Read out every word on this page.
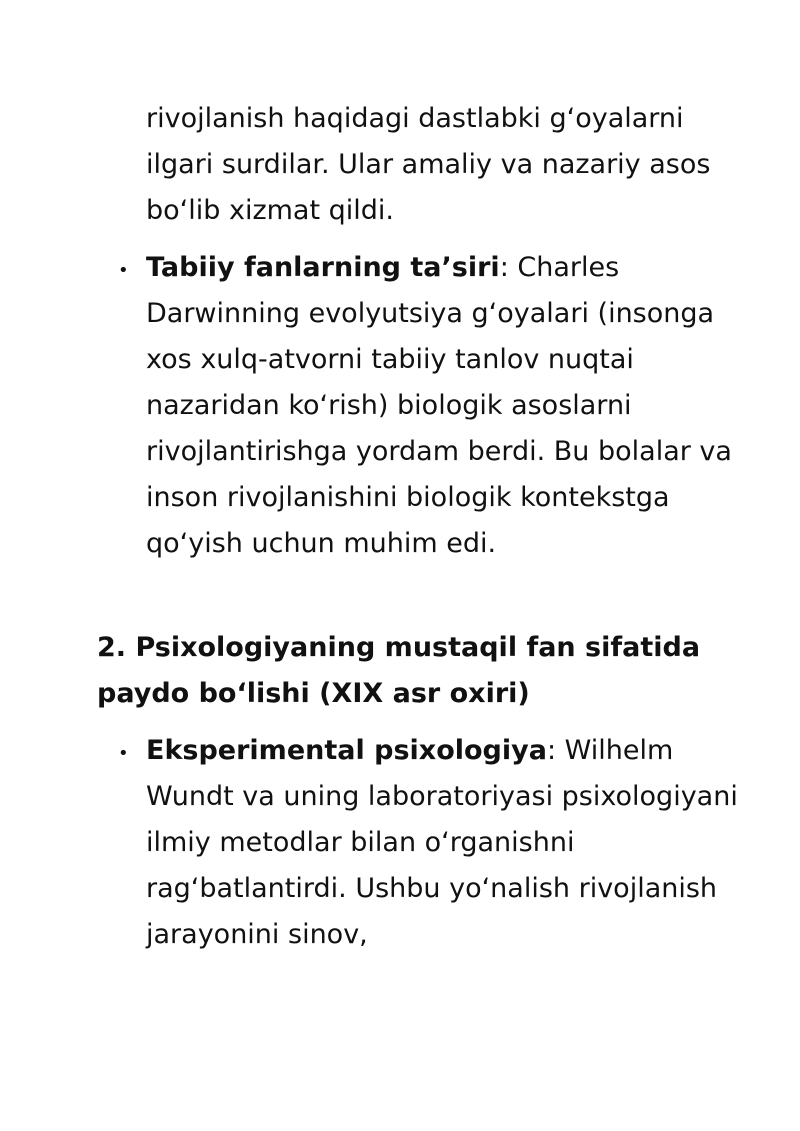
rivojlanish haqidagi dastlabki g‘oyalarni ilgari surdilar. Ular amaliy va nazariy asos bo‘lib xizmat qildi.

• Tabiiy fanlarning ta’siri: Charles Darwinning evolyutsiya g‘oyalari (insonga xos xulq-atvorni tabiiy tanlov nuqtai nazaridan ko‘rish) biologik asoslarni rivojlantirishga yordam berdi. Bu bolalar va inson rivojlanishini biologik kontekstga qo‘yish uchun muhim edi.

2. Psixologiyaning mustaqil fan sifatida paydo bo‘lishi (XIX asr oxiri)
• Eksperimental psixologiya: Wilhelm Wundt va uning laboratoriyasi psixologiyani ilmiy metodlar bilan o‘rganishni rag‘batlantirdi. Ushbu yo‘nalish rivojlanish jarayonini sinov,
